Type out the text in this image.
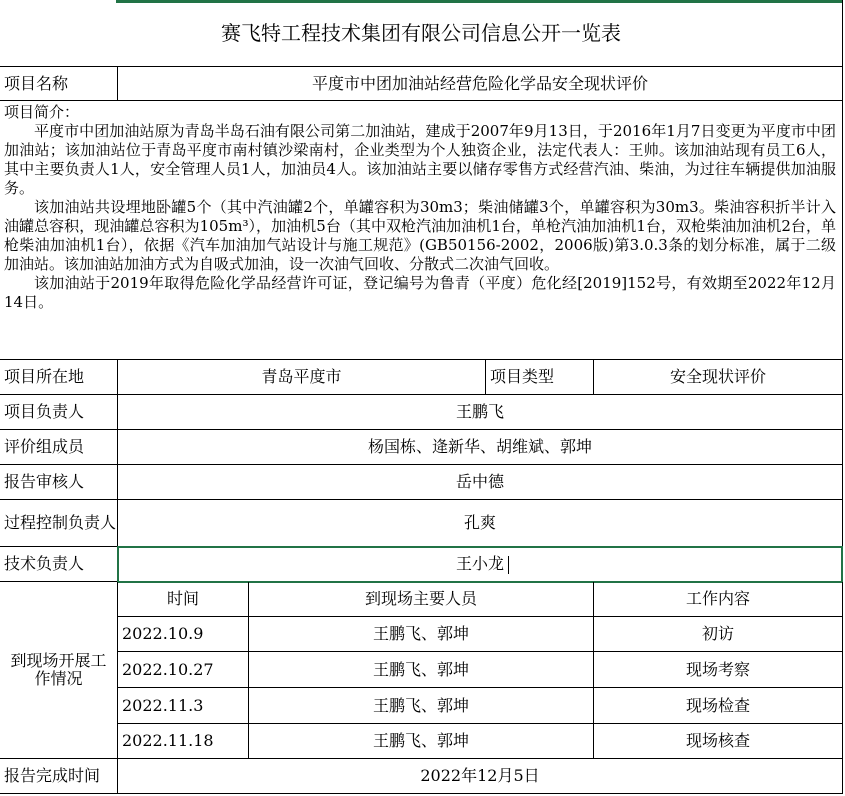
赛飞特工程技术集团有限公司信息公开一览表
项目名称	平度市中团加油站经营危险化学品安全现状评价

项目简介：

平度市中团加油站原为青岛半岛石油有限公司第二加油站，建成于2007年9月13日，于2016年1月7日变更为平度市中团加油站；该加油站位于青岛平度市南村镇沙梁南村，企业类型为个人独资企业，法定代表人：王帅。该加油站现有员工6人，其中主要负责人1人，安全管理人员1人，加油员4人。该加油站主要以储存零售方式经营汽油、柴油，为过往车辆提供加油服务。

该加油站共设埋地卧罐5个（其中汽油罐2个，单罐容积为30m3；柴油储罐3个，单罐容积为30m3。柴油容积折半计入油罐总容积，现油罐总容积为105m³），加油机5台（其中双枪汽油加油机1台，单枪汽油加油机1台，双枪柴油加油机2台，单枪柴油加油机1台），依据《汽车加油加气站设计与施工规范》(GB50156-2002，2006版)第3.0.3条的划分标准，属于二级加油站。该加油站加油方式为自吸式加油，设一次油气回收、分散式二次油气回收。

该加油站于2019年取得危险化学品经营许可证，登记编号为鲁青（平度）危化经[2019]152号，有效期至2022年12月14日。

项目所在地	青岛平度市	项目类型	安全现状评价
项目负责人	王鹏飞
评价组成员	杨国栋、逄新华、胡维斌、郭坤
报告审核人	岳中德
过程控制负责人	孔爽
技术负责人	王小龙
到现场开展工作情况
时间	到现场主要人员	工作内容
2022.10.9	王鹏飞、郭坤	初访
2022.10.27	王鹏飞、郭坤	现场考察
2022.11.3	王鹏飞、郭坤	现场检查
2022.11.18	王鹏飞、郭坤	现场核查
报告完成时间	2022年12月5日
